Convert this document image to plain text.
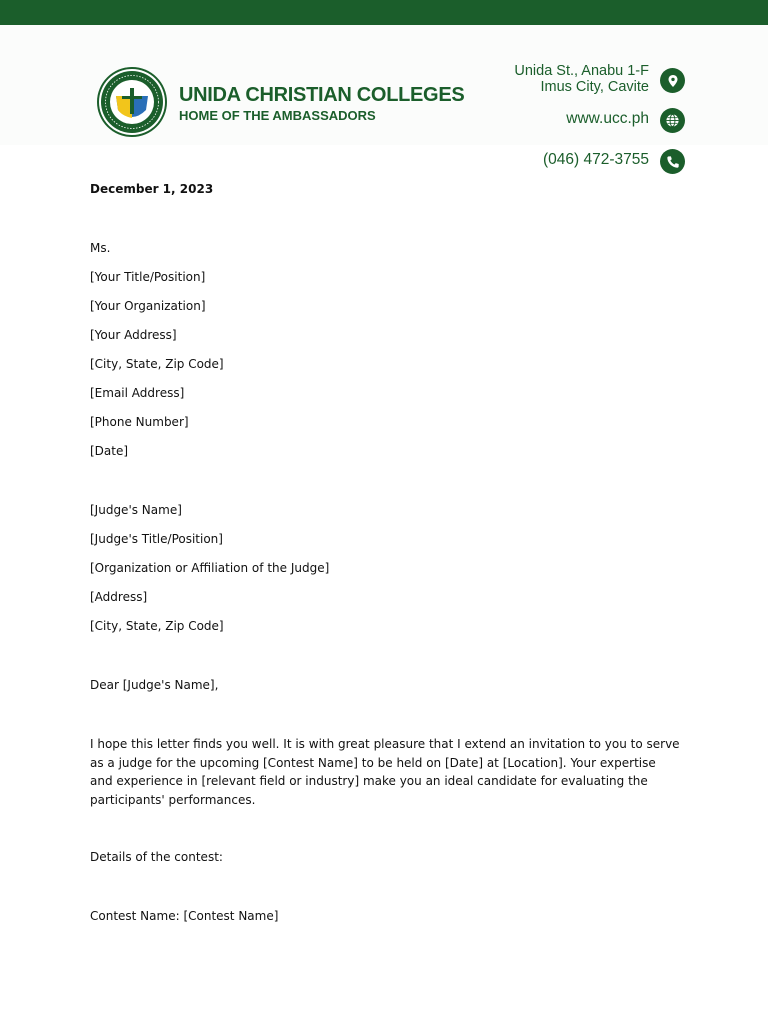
UNIDA CHRISTIAN COLLEGES
HOME OF THE AMBASSADORS
Unida St., Anabu 1-F
Imus City, Cavite
www.ucc.ph
(046) 472-3755
December 1, 2023
Ms.
[Your Title/Position]
[Your Organization]
[Your Address]
[City, State, Zip Code]
[Email Address]
[Phone Number]
[Date]
[Judge's Name]
[Judge's Title/Position]
[Organization or Affiliation of the Judge]
[Address]
[City, State, Zip Code]
Dear [Judge's Name],

I hope this letter finds you well. It is with great pleasure that I extend an invitation to you to serve as a judge for the upcoming [Contest Name] to be held on [Date] at [Location]. Your expertise and experience in [relevant field or industry] make you an ideal candidate for evaluating the participants' performances.

Details of the contest:
Contest Name: [Contest Name]
